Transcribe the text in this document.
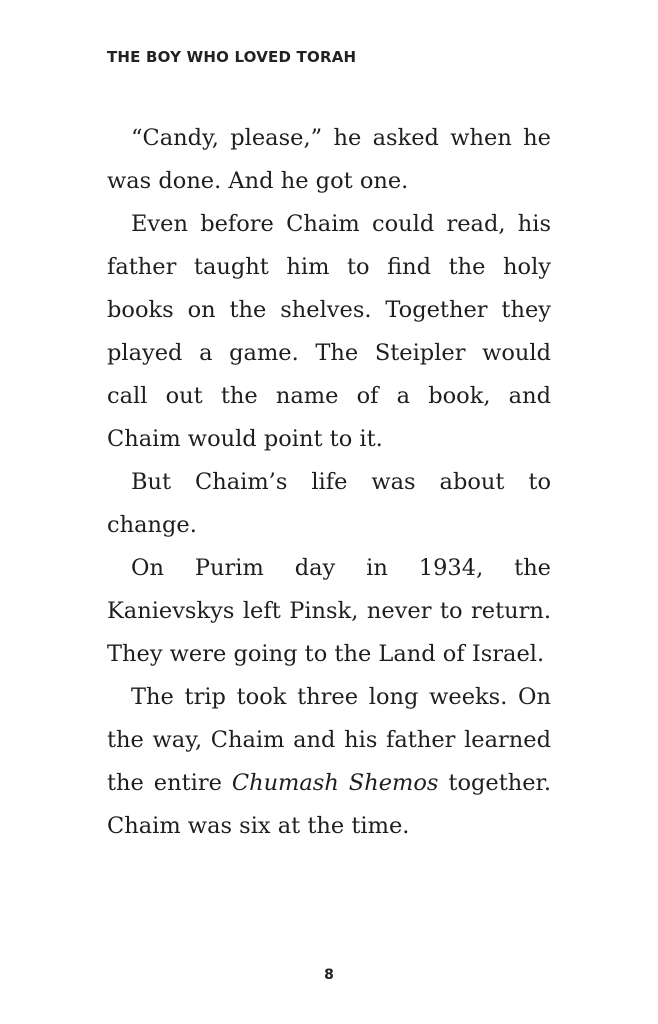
THE BOY WHO LOVED TORAH

“Candy, please,” he asked when he was done. And he got one.

Even before Chaim could read, his father taught him to find the holy books on the shelves. Together they played a game. The Steipler would call out the name of a book, and Chaim would point to it.

But Chaim’s life was about to change.

On Purim day in 1934, the Kanievskys left Pinsk, never to return. They were going to the Land of Israel.

The trip took three long weeks. On the way, Chaim and his father learned the entire Chumash Shemos together. Chaim was six at the time.

8
